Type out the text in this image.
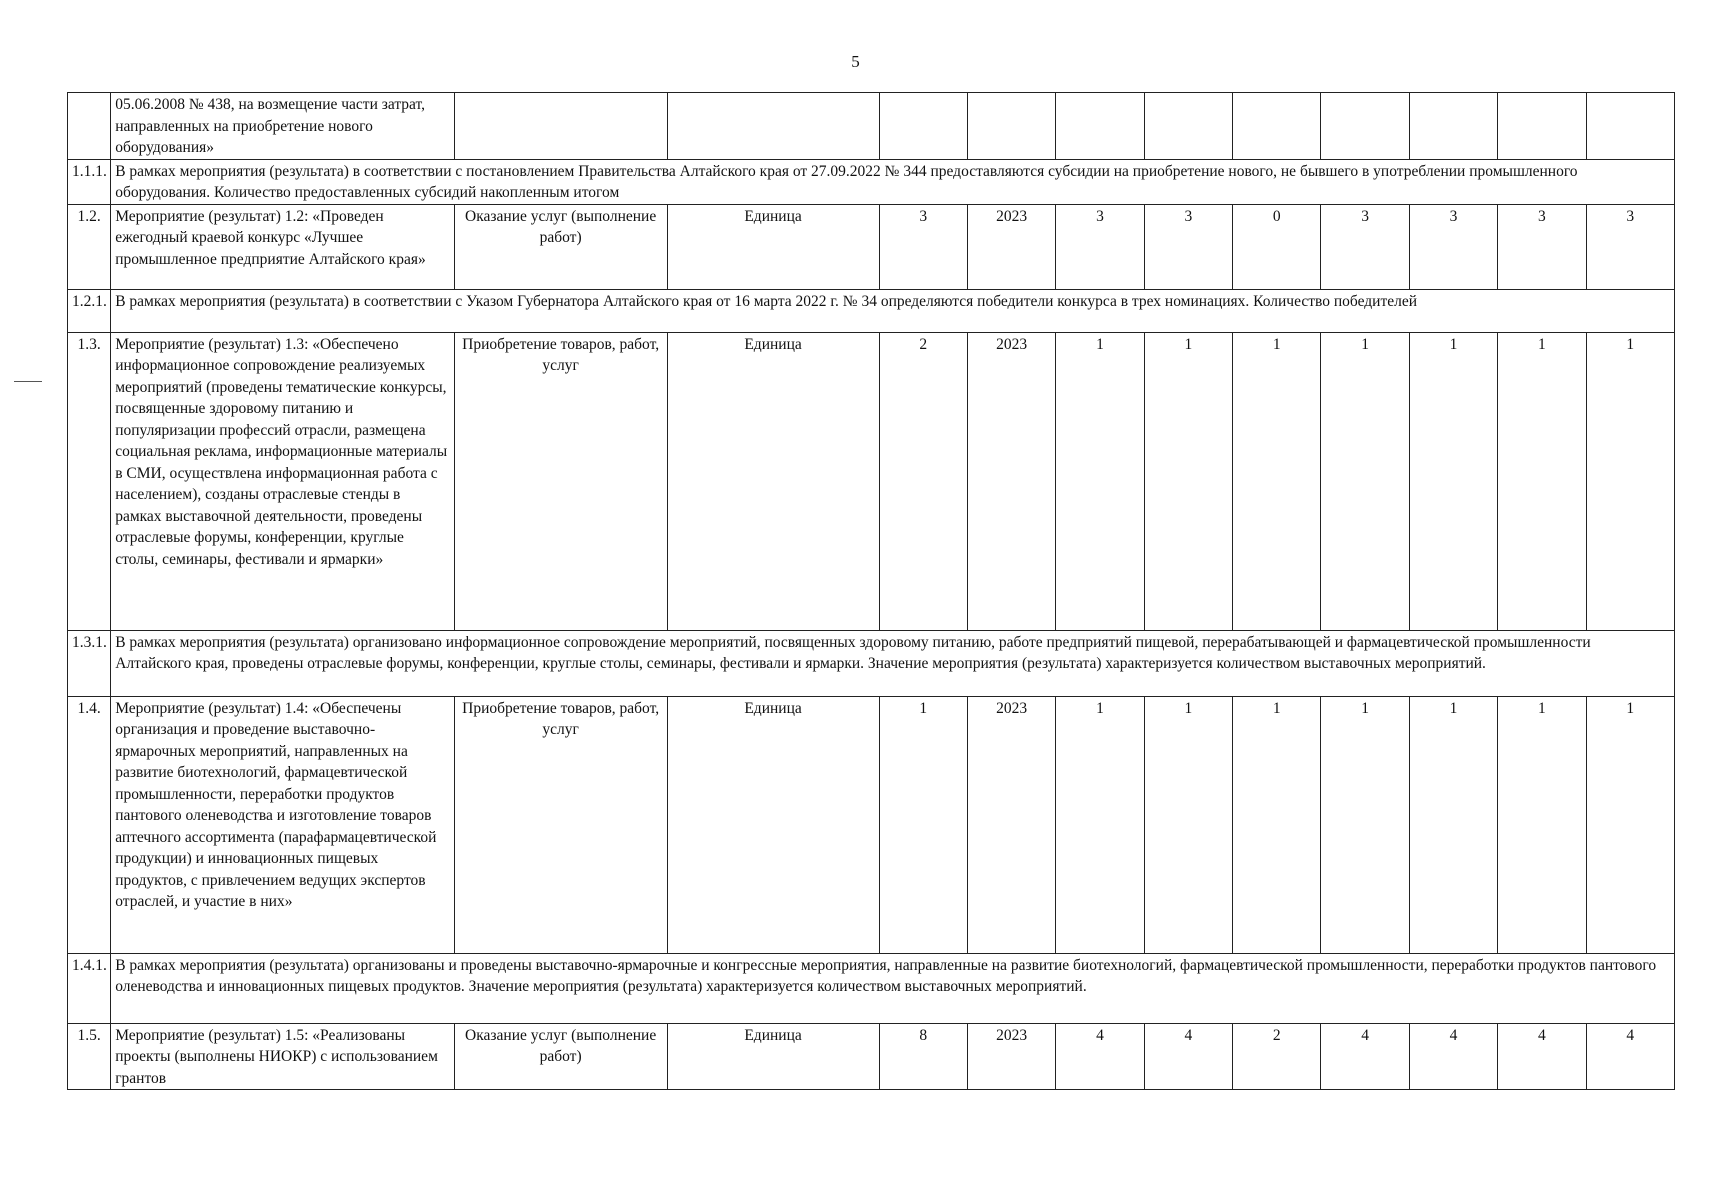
5
	05.06.2008 № 438, на возмещение части затрат, направленных на приобретение нового оборудования»											
1.1.1.	В рамках мероприятия (результата) в соответствии с постановлением Правительства Алтайского края от 27.09.2022 № 344 предоставляются субсидии на приобретение нового, не бывшего в употреблении промышленного оборудования. Количество предоставленных субсидий накопленным итогом											
1.2.	Мероприятие (результат) 1.2: «Проведен ежегодный краевой конкурс «Лучшее промышленное предприятие Алтайского края»	Оказание услуг (выполнение работ)	Единица	3	2023	3	3	0	3	3	3	3
1.2.1.	В рамках мероприятия (результата) в соответствии с Указом Губернатора Алтайского края от 16 марта 2022 г. № 34 определяются победители конкурса в трех номинациях. Количество победителей											
1.3.	Мероприятие (результат) 1.3: «Обеспечено информационное сопровождение реализуемых мероприятий (проведены тематические конкурсы, посвященные здоровому питанию и популяризации профессий отрасли, размещена социальная реклама, информационные материалы в СМИ, осуществлена информационная работа с населением), созданы отраслевые стенды в рамках выставочной деятельности, проведены отраслевые форумы, конференции, круглые столы, семинары, фестивали и ярмарки»	Приобретение товаров, работ, услуг	Единица	2	2023	1	1	1	1	1	1	1
1.3.1.	В рамках мероприятия (результата) организовано информационное сопровождение мероприятий, посвященных здоровому питанию, работе предприятий пищевой, перерабатывающей и фармацевтической промышленности Алтайского края, проведены отраслевые форумы, конференции, круглые столы, семинары, фестивали и ярмарки. Значение мероприятия (результата) характеризуется количеством выставочных мероприятий.											
1.4.	Мероприятие (результат) 1.4: «Обеспечены организация и проведение выставочно-ярмарочных мероприятий, направленных на развитие биотехнологий, фармацевтической промышленности, переработки продуктов пантового оленеводства и изготовление товаров аптечного ассортимента (парафармацевтической продукции) и инновационных пищевых продуктов, с привлечением ведущих экспертов отраслей, и участие в них»	Приобретение товаров, работ, услуг	Единица	1	2023	1	1	1	1	1	1	1
1.4.1.	В рамках мероприятия (результата) организованы и проведены выставочно-ярмарочные и конгрессные мероприятия, направленные на развитие биотехнологий, фармацевтической промышленности, переработки продуктов пантового оленеводства и инновационных пищевых продуктов. Значение мероприятия (результата) характеризуется количеством выставочных мероприятий.											
1.5.	Мероприятие (результат) 1.5: «Реализованы проекты (выполнены НИОКР) с использованием грантов	Оказание услуг (выполнение работ)	Единица	8	2023	4	4	2	4	4	4	4
